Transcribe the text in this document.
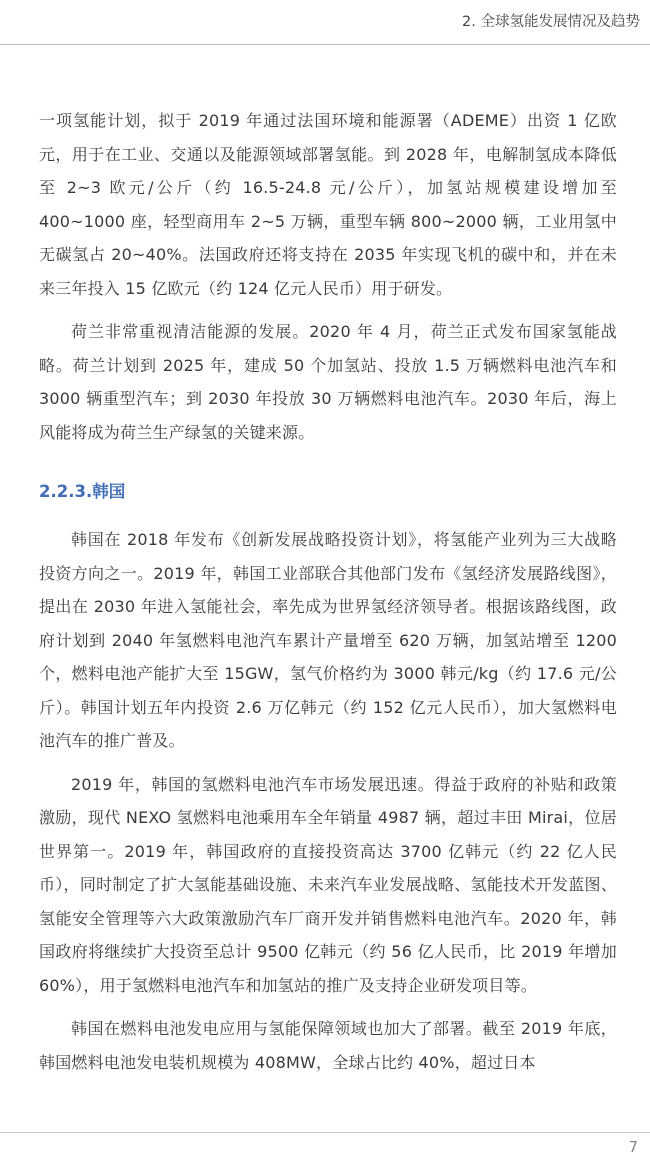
2. 全球氢能发展情况及趋势

一项氢能计划，拟于 2019 年通过法国环境和能源署（ADEME）出资 1 亿欧元，用于在工业、交通以及能源领域部署氢能。到 2028 年，电解制氢成本降低至 2~3 欧元/公斤（约 16.5-24.8 元/公斤），加氢站规模建设增加至 400~1000 座，轻型商用车 2~5 万辆，重型车辆 800~2000 辆，工业用氢中无碳氢占 20~40%。法国政府还将支持在 2035 年实现飞机的碳中和，并在未来三年投入 15 亿欧元（约 124 亿元人民币）用于研发。

荷兰非常重视清洁能源的发展。2020 年 4 月，荷兰正式发布国家氢能战略。荷兰计划到 2025 年，建成 50 个加氢站、投放 1.5 万辆燃料电池汽车和 3000 辆重型汽车；到 2030 年投放 30 万辆燃料电池汽车。2030 年后，海上风能将成为荷兰生产绿氢的关键来源。

2.2.3.韩国

韩国在 2018 年发布《创新发展战略投资计划》，将氢能产业列为三大战略投资方向之一。2019 年，韩国工业部联合其他部门发布《氢经济发展路线图》，提出在 2030 年进入氢能社会，率先成为世界氢经济领导者。根据该路线图，政府计划到 2040 年氢燃料电池汽车累计产量增至 620 万辆，加氢站增至 1200 个，燃料电池产能扩大至 15GW，氢气价格约为 3000 韩元/kg（约 17.6 元/公斤）。韩国计划五年内投资 2.6 万亿韩元（约 152 亿元人民币），加大氢燃料电池汽车的推广普及。

2019 年，韩国的氢燃料电池汽车市场发展迅速。得益于政府的补贴和政策激励，现代 NEXO 氢燃料电池乘用车全年销量 4987 辆，超过丰田 Mirai，位居世界第一。2019 年，韩国政府的直接投资高达 3700 亿韩元（约 22 亿人民币），同时制定了扩大氢能基础设施、未来汽车业发展战略、氢能技术开发蓝图、氢能安全管理等六大政策激励汽车厂商开发并销售燃料电池汽车。2020 年，韩国政府将继续扩大投资至总计 9500 亿韩元（约 56 亿人民币，比 2019 年增加 60%），用于氢燃料电池汽车和加氢站的推广及支持企业研发项目等。

韩国在燃料电池发电应用与氢能保障领域也加大了部署。截至 2019 年底，韩国燃料电池发电装机规模为 408MW，全球占比约 40%，超过日本

7
